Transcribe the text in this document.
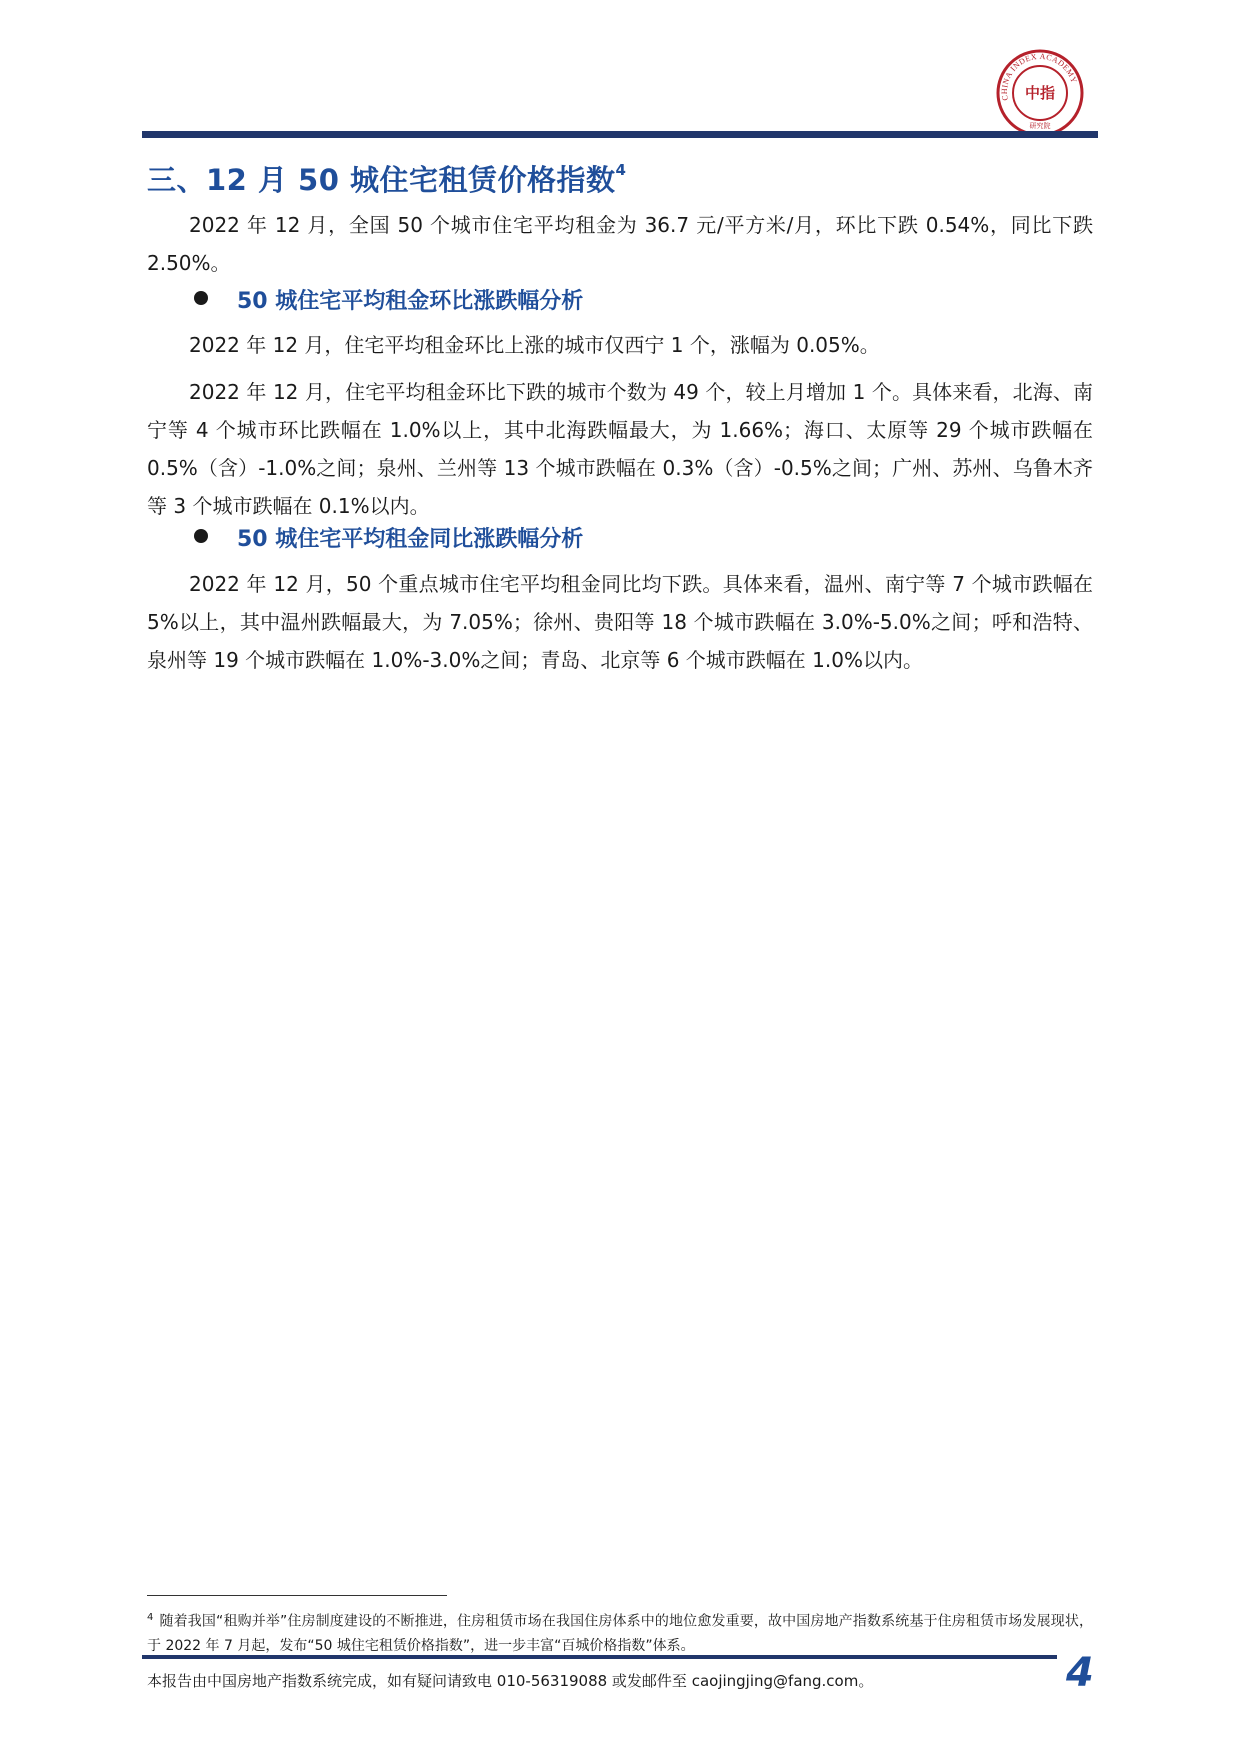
CHINA INDEX ACADEMY
中指
研究院
三、12 月 50 城住宅租赁价格指数$^4$

2022 年 12 月，全国 50 个城市住宅平均租金为 36.7 元/平方米/月，环比下跌 0.54%，同比下跌 2.50%。

50 城住宅平均租金环比涨跌幅分析

2022 年 12 月，住宅平均租金环比上涨的城市仅西宁 1 个，涨幅为 0.05%。

2022 年 12 月，住宅平均租金环比下跌的城市个数为 49 个，较上月增加 1 个。具体来看，北海、南宁等 4 个城市环比跌幅在 1.0%以上，其中北海跌幅最大，为 1.66%；海口、太原等 29 个城市跌幅在 0.5%（含）-1.0%之间；泉州、兰州等 13 个城市跌幅在 0.3%（含）-0.5%之间；广州、苏州、乌鲁木齐等 3 个城市跌幅在 0.1%以内。

50 城住宅平均租金同比涨跌幅分析

2022 年 12 月，50 个重点城市住宅平均租金同比均下跌。具体来看，温州、南宁等 7 个城市跌幅在 5%以上，其中温州跌幅最大，为 7.05%；徐州、贵阳等 18 个城市跌幅在 3.0%-5.0%之间；呼和浩特、泉州等 19 个城市跌幅在 1.0%-3.0%之间；青岛、北京等 6 个城市跌幅在 1.0%以内。

$^4$ 随着我国“租购并举”住房制度建设的不断推进，住房租赁市场在我国住房体系中的地位愈发重要，故中国房地产指数系统基于住房租赁市场发展现状，于 2022 年 7 月起，发布“50 城住宅租赁价格指数”，进一步丰富“百城价格指数”体系。
本报告由中国房地产指数系统完成，如有疑问请致电 010-56319088 或发邮件至 caojingjing@fang.com。	4
